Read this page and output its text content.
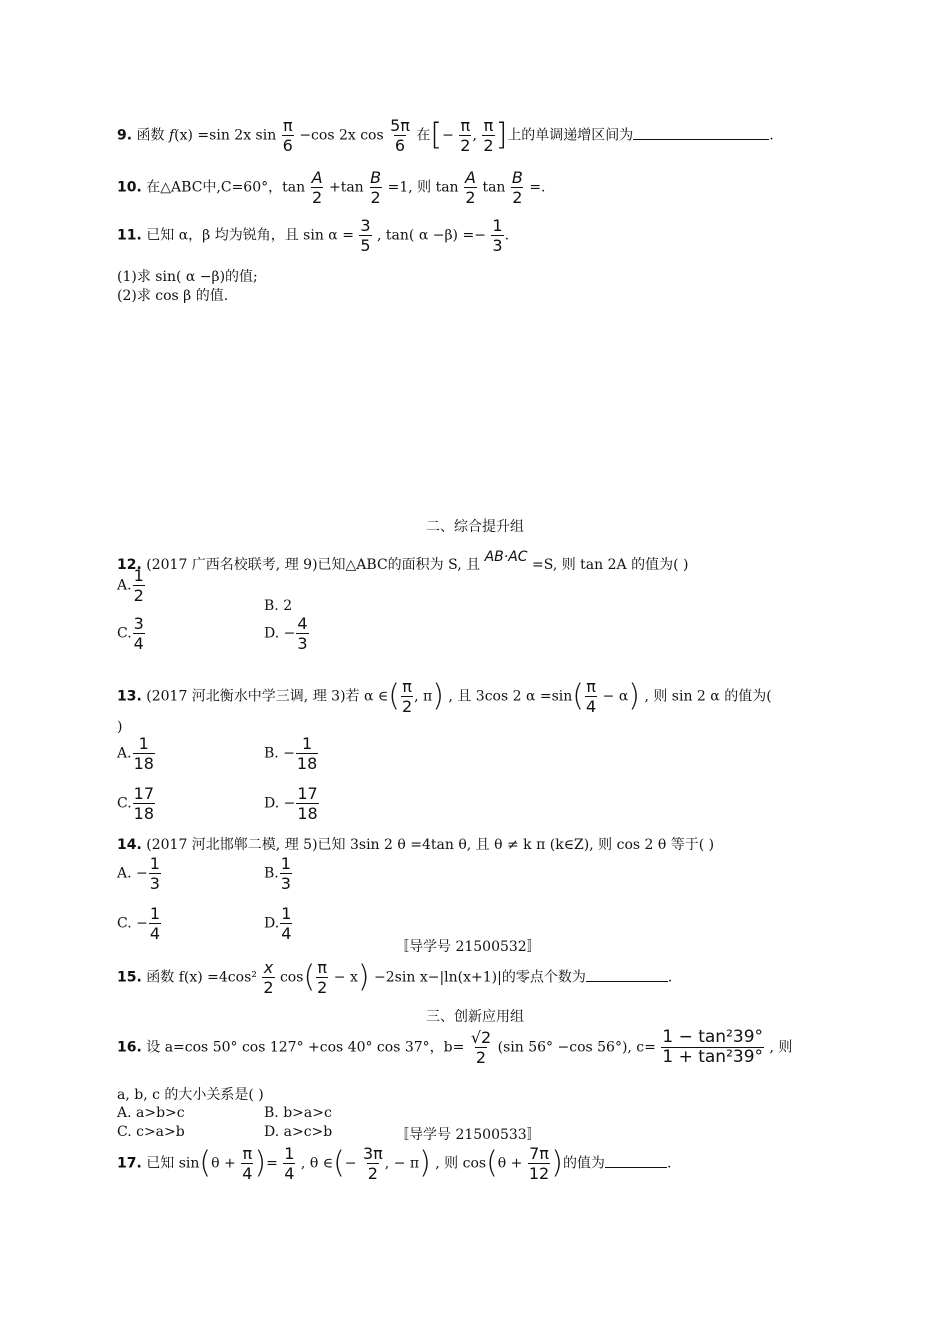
9. 函数 f(x) =sin 2x $\sin \frac{\pi}{6} -\cos$ 2x $\cos \frac{5\pi}{6}$ 在[− $\frac{\pi}{2}$ , $\frac{\pi}{2}$ ]上的单调递增区间为	.
10. 在△ABC中,C=60°，$\tan \frac{A}{2} +\tan \frac{B}{2} =1$, 则 $\tan \frac{A}{2}$ $\tan \frac{B}{2}$ =.
11. 已知 α，β 均为锐角，且 $\sin \alpha = \frac{3}{5}$ , tan( $\alpha -\beta) =- \frac{1}{3}$ .
(1)求 sin( α −β)的值;
(2)求 cos β 的值.
二、综合提升组
12. (2017 广西名校联考, 理 9)已知△ABC的面积为 S, 且 AB·AC =S, 则 tan 2A 的值为( )
A. $\frac{1}{2}$
B. 2
C. $\frac{3}{4}$	D. − $\frac{4}{3}$
13. (2017 河北衡水中学三调, 理 3)若 α ∈( $\frac{\pi}{2}$ , π) , 且 3cos 2 $\alpha =\sin( \frac{\pi}{4} - \alpha)$ , 则 sin 2 α 的值为(
)
A. $\frac{1}{18}$	B. − $\frac{1}{18}$
C. $\frac{17}{18}$	D. − $\frac{17}{18}$
14. (2017 河北邯郸二模, 理 5)已知 3sin 2 θ =4tan θ, 且 θ ≠ k π (k∈Z), 则 cos 2 θ 等于( )
A. − $\frac{1}{3}$	B. $\frac{1}{3}$
C. − $\frac{1}{4}$	D. $\frac{1}{4}$
〚导学号 21500532〛
15. 函数 $f(x) =4\cos^2 \frac{x}{2} \cos( \frac{\pi}{2} - x) -2\sin$ x−|ln(x+1)|的零点个数为	.
三、创新应用组
16. 设 a=cos 50° cos 127° +cos 40° cos 37°，$b= \frac{√2}{2} (\sin$ 56° −cos 56°), $c= \frac{\text{1 − tan²39°}}{\text{1 + tan²39°}}$ , 则
a, b, c 的大小关系是( )
A. a>b>c	B. b>a>c
C. c>a>b	D. a>c>b	〚导学号 21500533〛
17. 已知 $\sin(\theta + \frac{\pi}{4}$ )= $\frac{1}{4}$ , θ ∈(− $\frac{3\pi}{2}$ , − π) , 则 $\cos(\theta + \frac{7\pi}{12}$ )的值为	.
